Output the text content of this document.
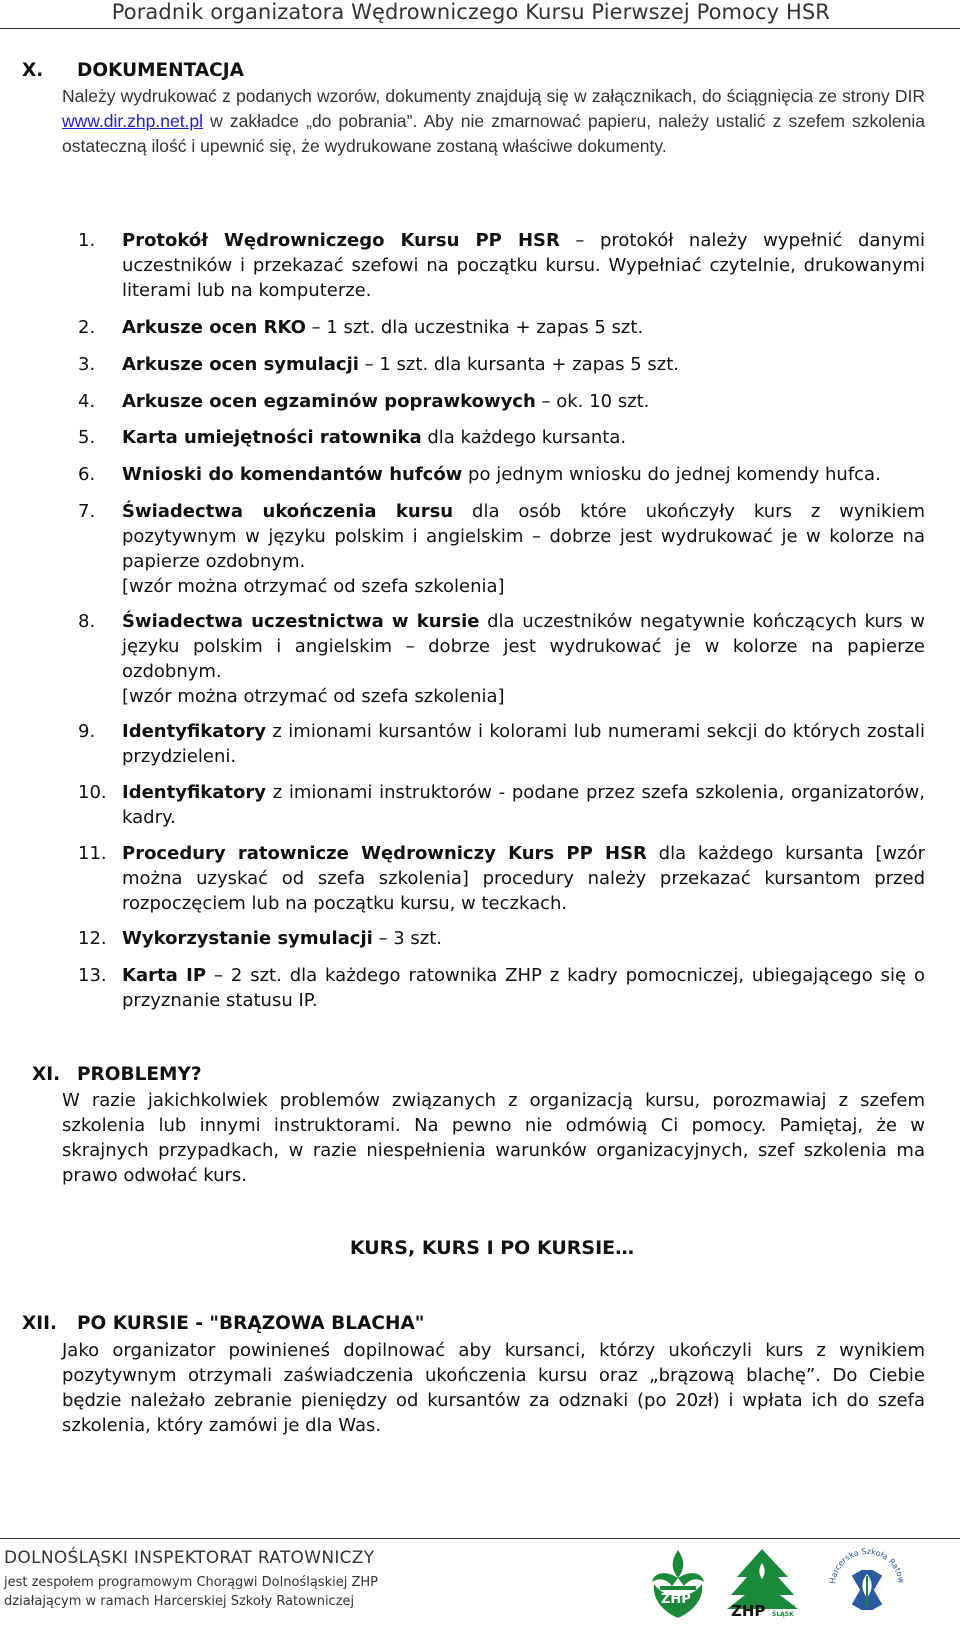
Poradnik organizatora Wędrowniczego Kursu Pierwszej Pomocy HSR
X. DOKUMENTACJA
Należy wydrukować z podanych wzorów, dokumenty znajdują się w załącznikach, do ściągnięcia ze strony DIR www.dir.zhp.net.pl w zakładce „do pobrania”. Aby nie zmarnować papieru, należy ustalić z szefem szkolenia ostateczną ilość i upewnić się, że wydrukowane zostaną właściwe dokumenty.
1. Protokół Wędrowniczego Kursu PP HSR – protokół należy wypełnić danymi uczestników i przekazać szefowi na początku kursu. Wypełniać czytelnie, drukowanymi literami lub na komputerze.
2. Arkusze ocen RKO – 1 szt. dla uczestnika + zapas 5 szt.
3. Arkusze ocen symulacji – 1 szt. dla kursanta + zapas 5 szt.
4. Arkusze ocen egzaminów poprawkowych – ok. 10 szt.
5. Karta umiejętności ratownika dla każdego kursanta.
6. Wnioski do komendantów hufców po jednym wniosku do jednej komendy hufca.
7. Świadectwa ukończenia kursu dla osób które ukończyły kurs z wynikiem pozytywnym w języku polskim i angielskim – dobrze jest wydrukować je w kolorze na papierze ozdobnym.
[wzór można otrzymać od szefa szkolenia]
8. Świadectwa uczestnictwa w kursie dla uczestników negatywnie kończących kurs w języku polskim i angielskim – dobrze jest wydrukować je w kolorze na papierze ozdobnym.
[wzór można otrzymać od szefa szkolenia]
9. Identyfikatory z imionami kursantów i kolorami lub numerami sekcji do których zostali przydzieleni.
10. Identyfikatory z imionami instruktorów - podane przez szefa szkolenia, organizatorów, kadry.
11. Procedury ratownicze Wędrowniczy Kurs PP HSR dla każdego kursanta [wzór można uzyskać od szefa szkolenia] procedury należy przekazać kursantom przed rozpoczęciem lub na początku kursu, w teczkach.
12. Wykorzystanie symulacji – 3 szt.
13. Karta IP – 2 szt. dla każdego ratownika ZHP z kadry pomocniczej, ubiegającego się o przyznanie statusu IP.
XI. PROBLEMY?
W razie jakichkolwiek problemów związanych z organizacją kursu, porozmawiaj z szefem szkolenia lub innymi instruktorami. Na pewno nie odmówią Ci pomocy. Pamiętaj, że w skrajnych przypadkach, w razie niespełnienia warunków organizacyjnych, szef szkolenia ma prawo odwołać kurs.
KURS, KURS I PO KURSIE…
XII. PO KURSIE - "BRĄZOWA BLACHA"
Jako organizator powinieneś dopilnować aby kursanci, którzy ukończyli kurs z wynikiem pozytywnym otrzymali zaświadczenia ukończenia kursu oraz „brązową blachę”. Do Ciebie będzie należało zebranie pieniędzy od kursantów za odznaki (po 20zł) i wpłata ich do szefa szkolenia, który zamówi je dla Was.
DOLNOŚLĄSKI INSPEKTORAT RATOWNICZY
jest zespołem programowym Chorągwi Dolnośląskiej ZHP
działającym w ramach Harcerskiej Szkoły Ratowniczej	ZHP
ZHP DOLNY
ŚLĄSK
Harcerska Szkoła Ratow
